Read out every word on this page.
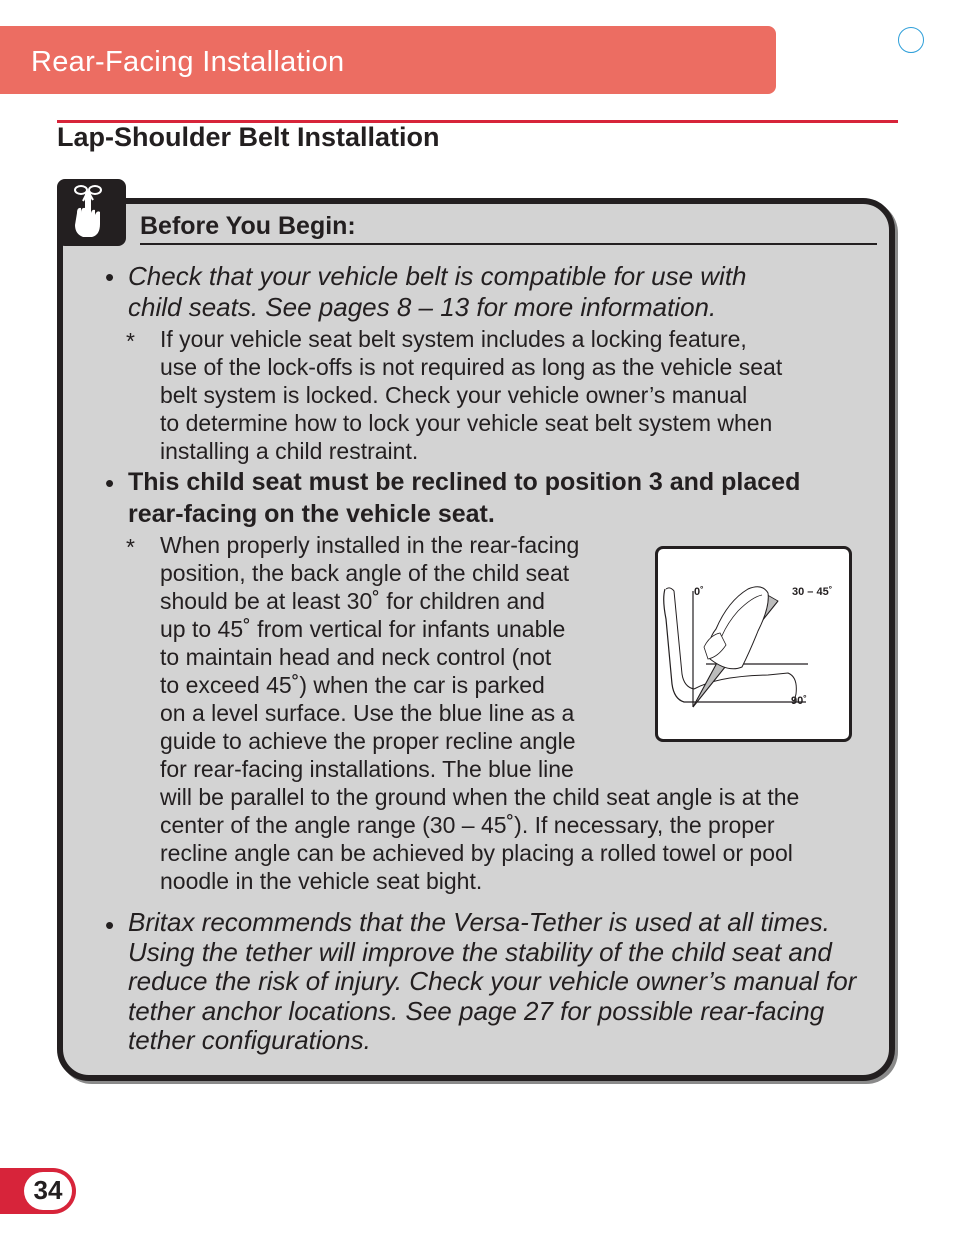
Rear-Facing Installation
Lap-Shoulder Belt Installation
Before You Begin:
• Check that your vehicle belt is compatible for use with
child seats. See pages 8 – 13 for more information.
* If your vehicle seat belt system includes a locking feature,
use of the lock-offs is not required as long as the vehicle seat
belt system is locked. Check your vehicle owner’s manual
to determine how to lock your vehicle seat belt system when
installing a child restraint.
• This child seat must be reclined to position 3 and placed
rear-facing on the vehicle seat.
* When properly installed in the rear-facing
position, the back angle of the child seat
should be at least 30˚ for children and
up to 45˚ from vertical for infants unable
to maintain head and neck control (not
to exceed 45˚) when the car is parked
on a level surface. Use the blue line as a
guide to achieve the proper recline angle
for rear-facing installations. The blue line
will be parallel to the ground when the child seat angle is at the
center of the angle range (30 – 45˚). If necessary, the proper
recline angle can be achieved by placing a rolled towel or pool
noodle in the vehicle seat bight.
0˚	30 – 45˚
90˚
• Britax recommends that the Versa-Tether is used at all times.
Using the tether will improve the stability of the child seat and
reduce the risk of injury. Check your vehicle owner’s manual for
tether anchor locations. See page 27 for possible rear-facing
tether configurations.
34
